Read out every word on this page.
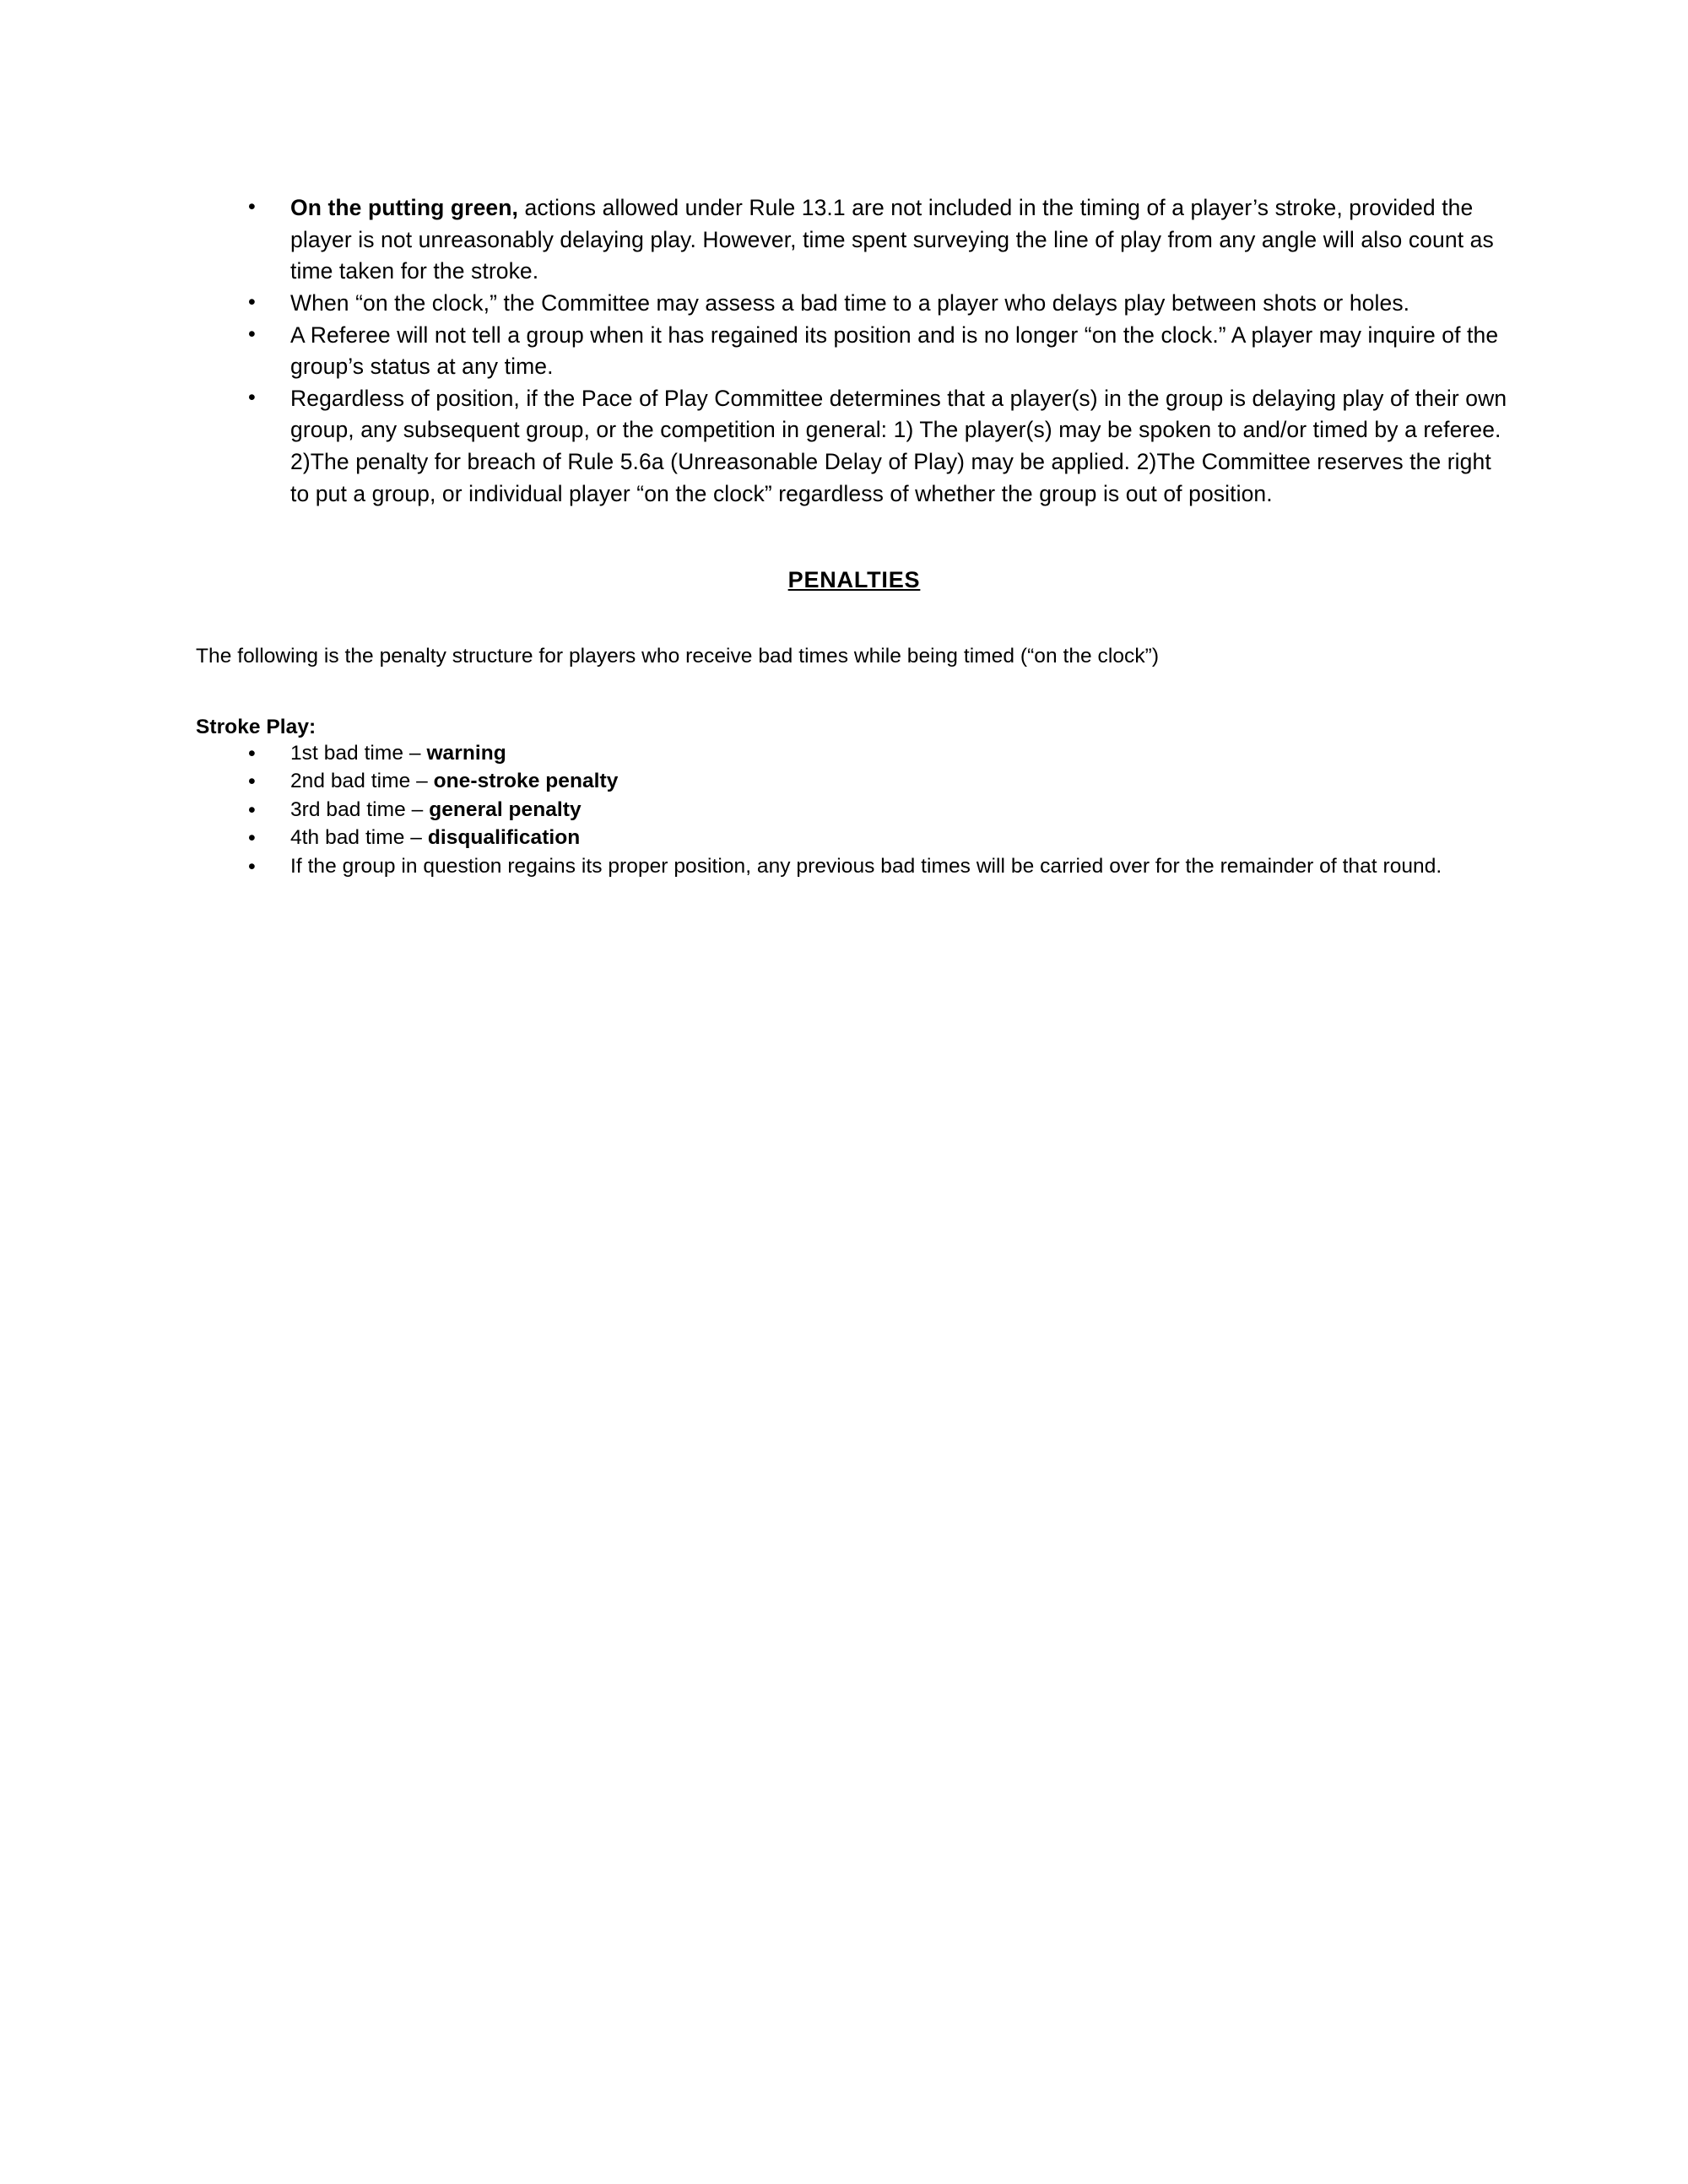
• On the putting green, actions allowed under Rule 13.1 are not included in the timing of a player’s stroke, provided the player is not unreasonably delaying play. However, time spent surveying the line of play from any angle will also count as time taken for the stroke.
• When “on the clock,” the Committee may assess a bad time to a player who delays play between shots or holes.
• A Referee will not tell a group when it has regained its position and is no longer “on the clock.” A player may inquire of the group’s status at any time.
• Regardless of position, if the Pace of Play Committee determines that a player(s) in the group is delaying play of their own group, any subsequent group, or the competition in general: 1) The player(s) may be spoken to and/or timed by a referee. 2)The penalty for breach of Rule 5.6a (Unreasonable Delay of Play) may be applied. 2)The Committee reserves the right to put a group, or individual player “on the clock” regardless of whether the group is out of position.
PENALTIES
The following is the penalty structure for players who receive bad times while being timed (“on the clock”)
Stroke Play:
• 1st bad time – warning
• 2nd bad time – one-stroke penalty
• 3rd bad time – general penalty
• 4th bad time – disqualification
• If the group in question regains its proper position, any previous bad times will be carried over for the remainder of that round.
